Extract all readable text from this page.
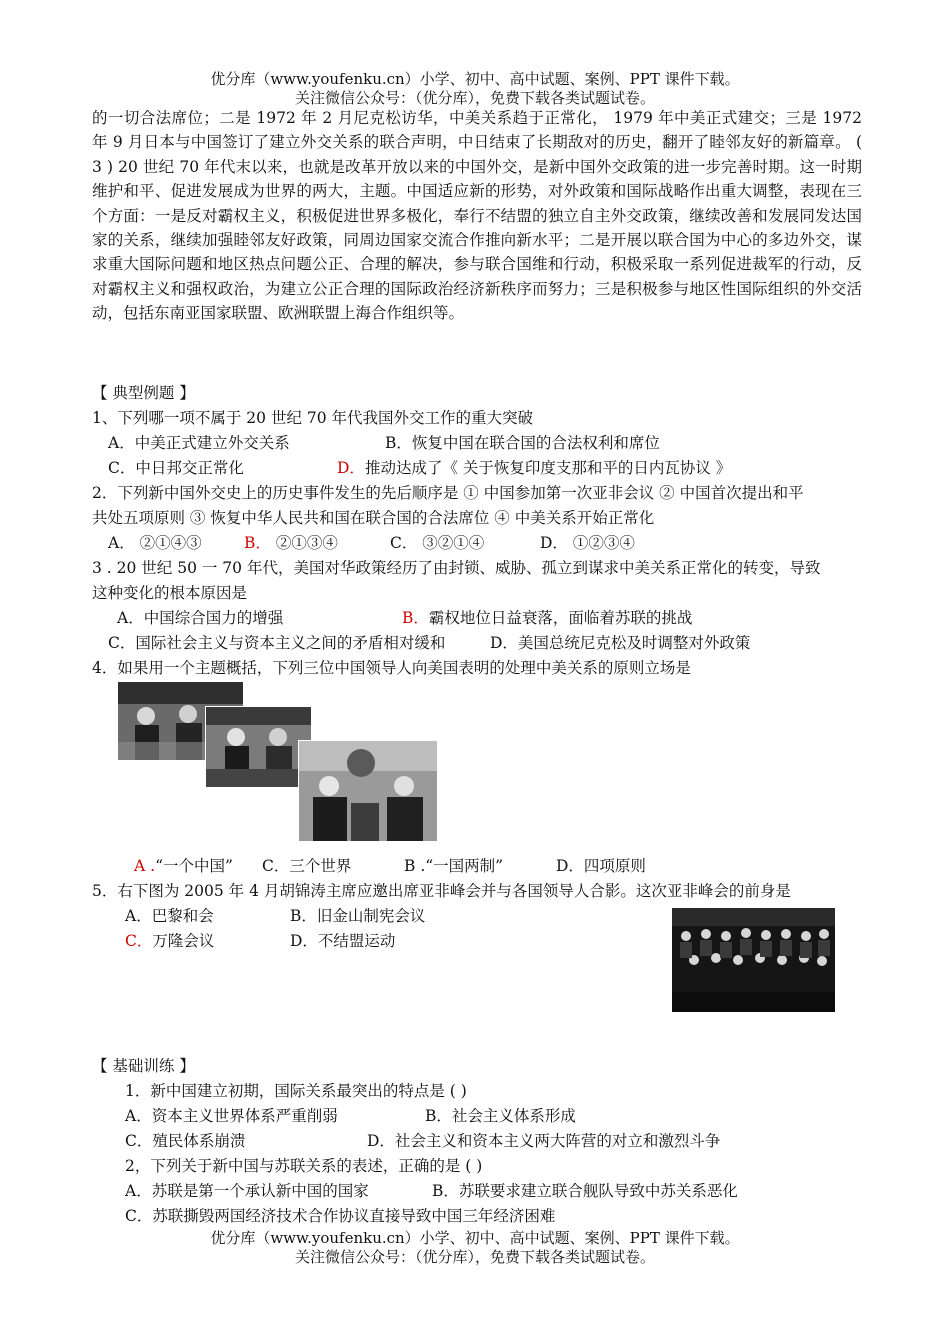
优分库（www.youfenku.cn）小学、初中、高中试题、案例、PPT 课件下载。
关注微信公众号：（优分库），免费下载各类试题试卷。
的一切合法席位；二是 1972 年 2 月尼克松访华，中美关系趋于正常化， 1979 年中美正式建交；三是 1972 年 9 月日本与中国签订了建立外交关系的联合声明，中日结束了长期敌对的历史，翻开了睦邻友好的新篇章。 ( 3 ) 20 世纪 70 年代末以来，也就是改革开放以来的中国外交，是新中国外交政策的进一步完善时期。这一时期维护和平、促进发展成为世界的两大，主题。中国适应新的形势，对外政策和国际战略作出重大调整，表现在三个方面：一是反对霸权主义，积极促进世界多极化，奉行不结盟的独立自主外交政策，继续改善和发展同发达国家的关系，继续加强睦邻友好政策，同周边国家交流合作推向新水平；二是开展以联合国为中心的多边外交，谋求重大国际问题和地区热点问题公正、合理的解决，参与联合国维和行动，积极采取一系列促进裁军的行动，反对霸权主义和强权政治，为建立公正合理的国际政治经济新秩序而努力；三是积极参与地区性国际组织的外交活动，包括东南亚国家联盟、欧洲联盟上海合作组织等。
【 典型例题 】
1、下列哪一项不属于 20 世纪 70 年代我国外交工作的重大突破
A．中美正式建立外交关系	B．恢复中国在联合国的合法权利和席位
C．中日邦交正常化	D．推动达成了《 关于恢复印度支那和平的日内瓦协议 》
2．下列新中国外交史上的历史事件发生的先后顺序是 ① 中国参加第一次亚非会议 ② 中国首次提出和平
共处五项原则 ③ 恢复中华人民共和国在联合国的合法席位 ④ 中美关系开始正常化
A． ②①④③	B． ②①③④	C． ③②①④	D． ①②③④
3 . 20 世纪 50 一 70 年代，美国对华政策经历了由封锁、威胁、孤立到谋求中美关系正常化的转变，导致
这种变化的根本原因是
A．中国综合国力的增强	B．霸权地位日益衰落，面临着苏联的挑战
C．国际社会主义与资本主义之间的矛盾相对缓和	D．美国总统尼克松及时调整对外政策
4．如果用一个主题概括，下列三位中国领导人向美国表明的处理中美关系的原则立场是
A .“一个中国” C．三个世界	B .“一国两制”	D．四项原则
5．右下图为 2005 年 4 月胡锦涛主席应邀出席亚非峰会并与各国领导人合影。这次亚非峰会的前身是
A．巴黎和会	B．旧金山制宪会议
C．万隆会议	D．不结盟运动
【 基础训练 】
1．新中国建立初期，国际关系最突出的特点是 ( )
A．资本主义世界体系严重削弱	B．社会主义体系形成
C．殖民体系崩溃	D．社会主义和资本主义两大阵营的对立和激烈斗争
2，下列关于新中国与苏联关系的表述，正确的是 ( )
A．苏联是第一个承认新中国的国家	B．苏联要求建立联合舰队导致中苏关系恶化
C．苏联撕毁两国经济技术合作协议直接导致中国三年经济困难
优分库（www.youfenku.cn）小学、初中、高中试题、案例、PPT 课件下载。
关注微信公众号：（优分库），免费下载各类试题试卷。
